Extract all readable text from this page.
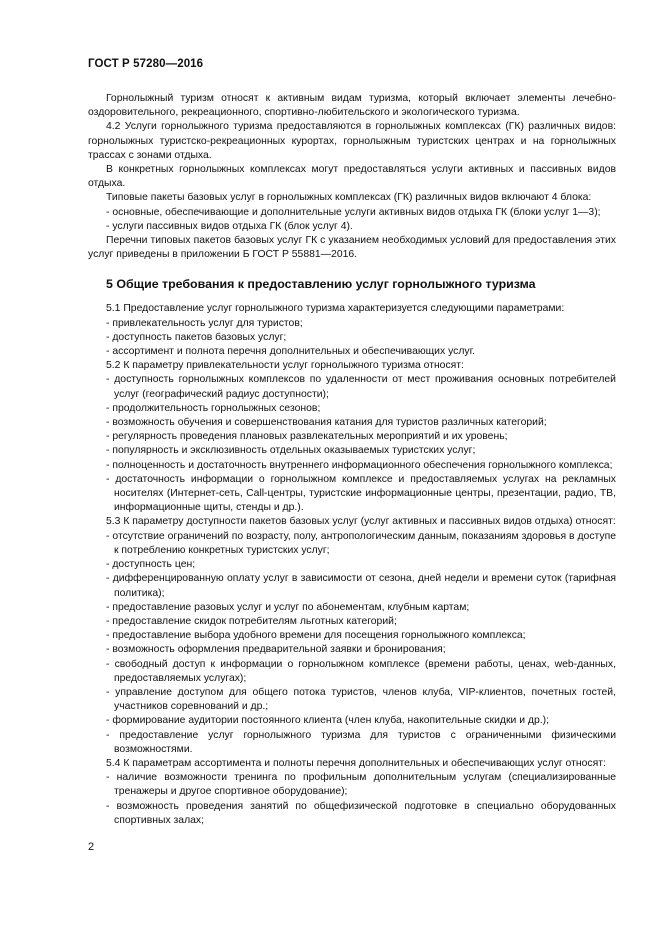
ГОСТ Р 57280—2016

Горнолыжный туризм относят к активным видам туризма, который включает элементы лечебно-оздоровительного, рекреационного, спортивно-любительского и экологического туризма.

4.2 Услуги горнолыжного туризма предоставляются в горнолыжных комплексах (ГК) различных видов: горнолыжных туристско-рекреационных курортах, горнолыжным туристских центрах и на горнолыжных трассах с зонами отдыха.

В конкретных горнолыжных комплексах могут предоставляться услуги активных и пассивных видов отдыха.

Типовые пакеты базовых услуг в горнолыжных комплексах (ГК) различных видов включают 4 блока:

- основные, обеспечивающие и дополнительные услуги активных видов отдыха ГК (блоки услуг 1—3);
- услуги пассивных видов отдыха ГК (блок услуг 4).

Перечни типовых пакетов базовых услуг ГК с указанием необходимых условий для предоставления этих услуг приведены в приложении Б ГОСТ Р 55881—2016.

5 Общие требования к предоставлению услуг горнолыжного туризма

5.1 Предоставление услуг горнолыжного туризма характеризуется следующими параметрами:

- привлекательность услуг для туристов;
- доступность пакетов базовых услуг;
- ассортимент и полнота перечня дополнительных и обеспечивающих услуг.

5.2 К параметру привлекательности услуг горнолыжного туризма относят:

- доступность горнолыжных комплексов по удаленности от мест проживания основных потребителей услуг (географический радиус доступности);
- продолжительность горнолыжных сезонов;
- возможность обучения и совершенствования катания для туристов различных категорий;
- регулярность проведения плановых развлекательных мероприятий и их уровень;
- популярность и эксклюзивность отдельных оказываемых туристских услуг;
- полноценность и достаточность внутреннего информационного обеспечения горнолыжного комплекса;
- достаточность информации о горнолыжном комплексе и предоставляемых услугах на рекламных носителях (Интернет-сеть, Call-центры, туристские информационные центры, презентации, радио, ТВ, информационные щиты, стенды и др.).

5.3 К параметру доступности пакетов базовых услуг (услуг активных и пассивных видов отдыха) относят:

- отсутствие ограничений по возрасту, полу, антропологическим данным, показаниям здоровья в доступе к потреблению конкретных туристских услуг;
- доступность цен;
- дифференцированную оплату услуг в зависимости от сезона, дней недели и времени суток (тарифная политика);
- предоставление разовых услуг и услуг по абонементам, клубным картам;
- предоставление скидок потребителям льготных категорий;
- предоставление выбора удобного времени для посещения горнолыжного комплекса;
- возможность оформления предварительной заявки и бронирования;
- свободный доступ к информации о горнолыжном комплексе (времени работы, ценах, web-данных, предоставляемых услугах);
- управление доступом для общего потока туристов, членов клуба, VIP-клиентов, почетных гостей, участников соревнований и др.;
- формирование аудитории постоянного клиента (член клуба, накопительные скидки и др.);
- предоставление услуг горнолыжного туризма для туристов с ограниченными физическими возможностями.

5.4 К параметрам ассортимента и полноты перечня дополнительных и обеспечивающих услуг относят:

- наличие возможности тренинга по профильным дополнительным услугам (специализированные тренажеры и другое спортивное оборудование);
- возможность проведения занятий по общефизической подготовке в специально оборудованных спортивных залах;
2
